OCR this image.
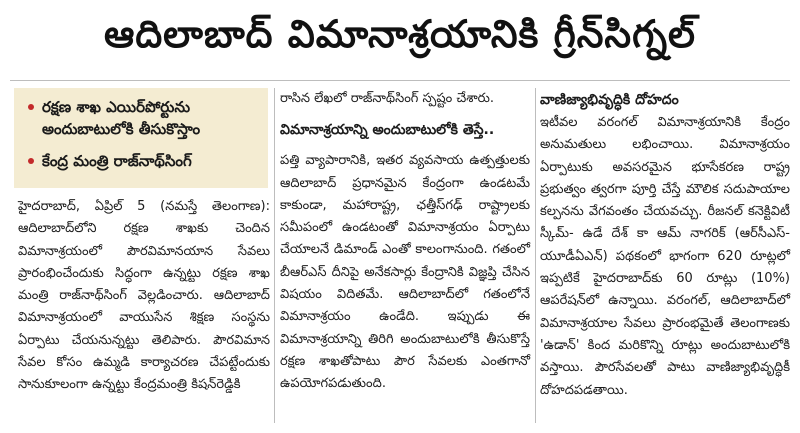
ఆదిలాబాద్ విమానాశ్రయానికి గ్రీన్‌సిగ్నల్
రక్షణ శాఖ ఎయిర్‌పోర్టును అందుబాటులోకి తీసుకొస్తాం
కేంద్ర మంత్రి రాజ్‌నాథ్‌సింగ్

హైదరాబాద్, ఏప్రిల్ 5 (నమస్తే తెలంగాణ): ఆదిలాబాద్‌లోని రక్షణ శాఖకు చెందిన విమానాశ్రయంలో పౌరవిమానయాన సేవలు ప్రారంభించేందుకు సిద్ధంగా ఉన్నట్టు రక్షణ శాఖ మంత్రి రాజ్‌నాథ్‌సింగ్ వెల్లడించారు. ఆదిలాబాద్ విమానాశ్రయంలో వాయుసేన శిక్షణ సంస్థను ఏర్పాటు చేయనున్నట్టు తెలిపారు. పౌరవిమాన సేవల కోసం ఉమ్మడి కార్యాచరణ చేపట్టేందుకు సానుకూలంగా ఉన్నట్టు కేంద్రమంత్రి కిషన్‌రెడ్డికి

రాసిన లేఖలో రాజ్‌నాథ్‌సింగ్ స్పష్టం చేశారు.

విమానాశ్రయాన్ని అందుబాటులోకి తెస్తే..

పత్తి వ్యాపారానికి, ఇతర వ్యవసాయ ఉత్పత్తులకు ఆదిలాబాద్ ప్రధానమైన కేంద్రంగా ఉండటమే కాకుండా, మహారాష్ట్ర, ఛత్తీస్‌గఢ్ రాష్ట్రాలకు సమీపంలో ఉండటంతో విమానాశ్రయం ఏర్పాటు చేయాలనే డిమాండ్ ఎంతో కాలంగానుంది. గతంలో బీఆర్ఎస్ దీనిపై అనేకసార్లు కేంద్రానికి విజ్ఞప్తి చేసిన విషయం విదితమే. ఆదిలాబాద్‌లో గతంలోనే విమానాశ్రయం ఉండేది. ఇప్పుడు ఈ విమానాశ్రయాన్ని తిరిగి అందుబాటులోకి తీసుకొస్తే రక్షణ శాఖతోపాటు పౌర సేవలకు ఎంతగానో ఉపయోగపడుతుంది.

వాణిజ్యాభివృద్ధికి దోహదం

ఇటీవల వరంగల్ విమానాశ్రయానికి కేంద్రం అనుమతులు లభించాయి. విమానాశ్రయం ఏర్పాటుకు అవసరమైన భూసేకరణ రాష్ట్ర ప్రభుత్వం త్వరగా పూర్తి చేస్తే మౌలిక సదుపాయాల కల్పనను వేగవంతం చేయవచ్చు. రీజనల్ కనెక్టివిటీ స్కీమ్- ఉడే దేశ్ కా ఆమ్ నాగరిక్ (ఆర్‌సీఎస్-యూడీఏఎన్) పథకంలో భాగంగా 620 రూట్లలో ఇప్పటికే హైదరాబాద్‌కు 60 రూట్లు (10%) ఆపరేషన్‌లో ఉన్నాయి. వరంగల్, ఆదిలాబాద్‌లో విమానాశ్రయాల సేవలు ప్రారంభమైతే తెలంగాణకు 'ఉడాన్' కింద మరికొన్ని రూట్లు అందుబాటులోకి వస్తాయి. పౌరసేవలతో పాటు వాణిజ్యాభివృద్ధికీ దోహదపడతాయి.
